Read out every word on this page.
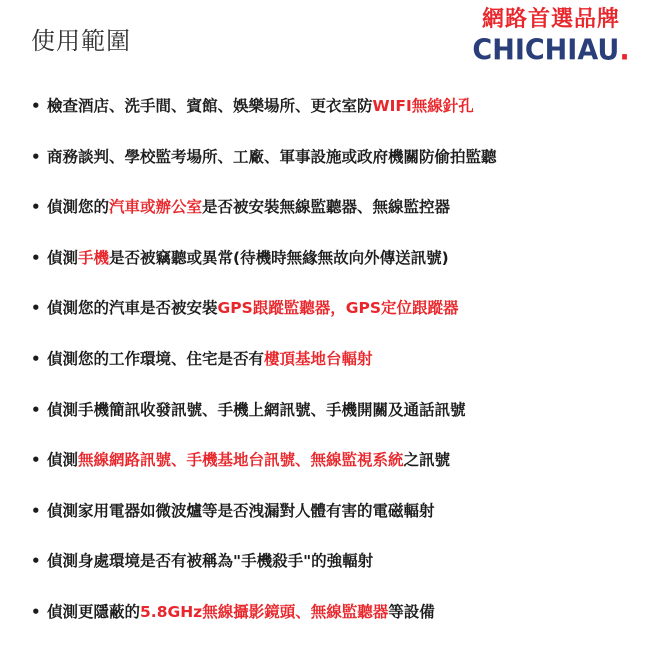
使用範圍
網路首選品牌
CHICHIAU.
• 檢查酒店、洗手間、賓館、娛樂場所、更衣室防WIFI無線針孔
• 商務談判、學校監考場所、工廠、軍事設施或政府機關防偷拍監聽
• 偵測您的汽車或辦公室是否被安裝無線監聽器、無線監控器
• 偵測手機是否被竊聽或異常(待機時無緣無故向外傳送訊號)
• 偵測您的汽車是否被安裝GPS跟蹤監聽器，GPS定位跟蹤器
• 偵測您的工作環境、住宅是否有樓頂基地台輻射
• 偵測手機簡訊收發訊號、手機上網訊號、手機開關及通話訊號
• 偵測無線網路訊號、手機基地台訊號、無線監視系統之訊號
• 偵測家用電器如微波爐等是否洩漏對人體有害的電磁輻射
• 偵測身處環境是否有被稱為"手機殺手"的強輻射
• 偵測更隱蔽的5.8GHz無線攝影鏡頭、無線監聽器等設備
